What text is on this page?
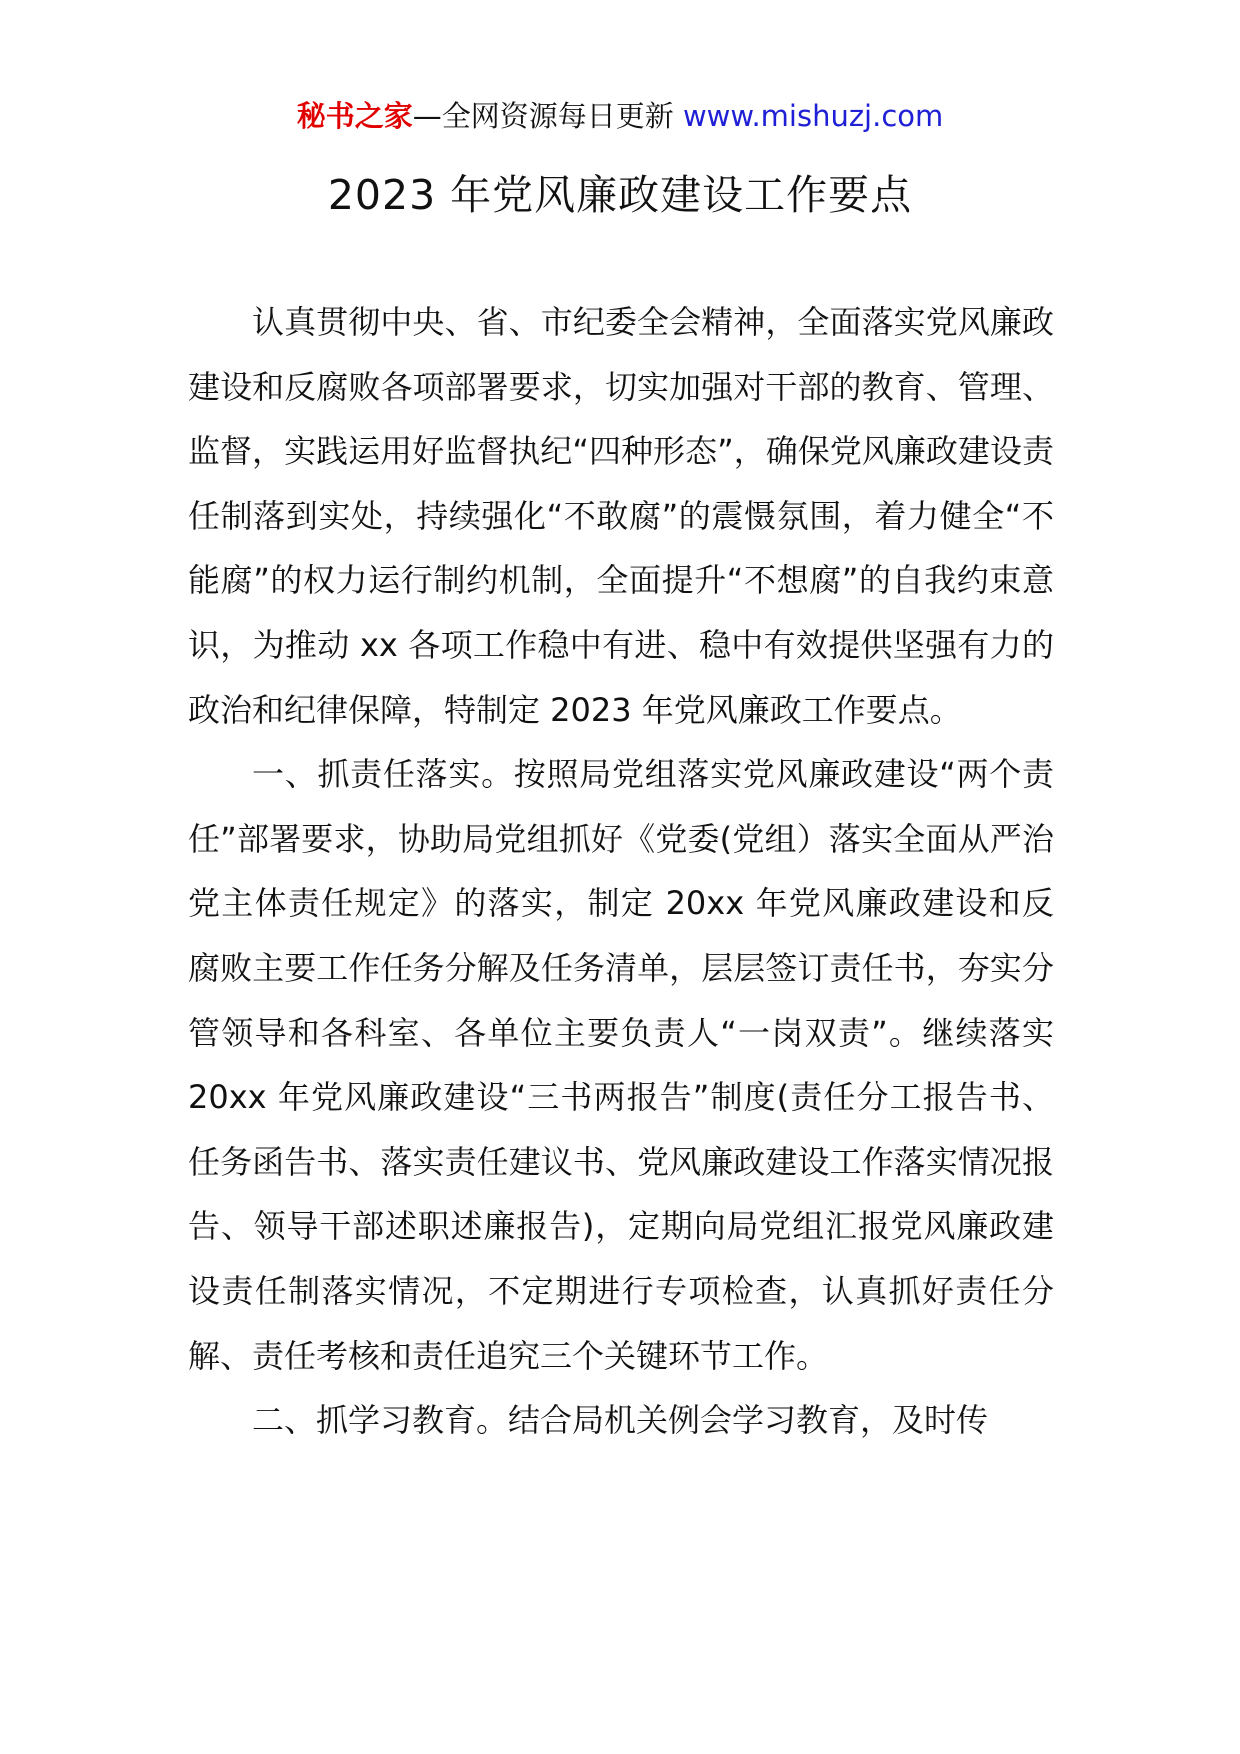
秘书之家—全网资源每日更新 www.mishuzj.com
2023 年党风廉政建设工作要点

认真贯彻中央、省、市纪委全会精神，全面落实党风廉政建设和反腐败各项部署要求，切实加强对干部的教育、管理、监督，实践运用好监督执纪“四种形态”，确保党风廉政建设责任制落到实处，持续强化“不敢腐”的震慑氛围，着力健全“不能腐”的权力运行制约机制，全面提升“不想腐”的自我约束意识，为推动 xx 各项工作稳中有进、稳中有效提供坚强有力的政治和纪律保障，特制定 2023 年党风廉政工作要点。

一、抓责任落实。按照局党组落实党风廉政建设“两个责任”部署要求，协助局党组抓好《党委(党组）落实全面从严治党主体责任规定》的落实，制定 20xx 年党风廉政建设和反腐败主要工作任务分解及任务清单，层层签订责任书，夯实分管领导和各科室、各单位主要负责人“一岗双责”。继续落实 20xx 年党风廉政建设“三书两报告”制度(责任分工报告书、任务函告书、落实责任建议书、党风廉政建设工作落实情况报告、领导干部述职述廉报告)，定期向局党组汇报党风廉政建设责任制落实情况，不定期进行专项检查，认真抓好责任分解、责任考核和责任追究三个关键环节工作。

二、抓学习教育。结合局机关例会学习教育，及时传
